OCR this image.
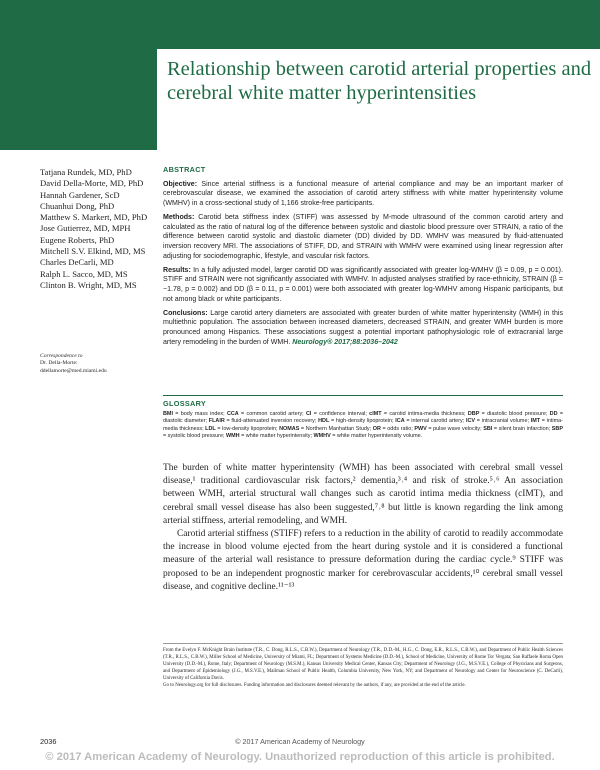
Relationship between carotid arterial properties and cerebral white matter hyperintensities
Tatjana Rundek, MD, PhD
David Della-Morte, MD, PhD
Hannah Gardener, ScD
Chuanhui Dong, PhD
Matthew S. Markert, MD, PhD
Jose Gutierrez, MD, MPH
Eugene Roberts, PhD
Mitchell S.V. Elkind, MD, MS
Charles DeCarli, MD
Ralph L. Sacco, MD, MS
Clinton B. Wright, MD, MS
Correspondence to
Dr. Della-Morte:
ddellamorte@med.miami.edu
ABSTRACT

Objective: Since arterial stiffness is a functional measure of arterial compliance and may be an important marker of cerebrovascular disease, we examined the association of carotid artery stiffness with white matter hyperintensity volume (WMHV) in a cross-sectional study of 1,166 stroke-free participants.

Methods: Carotid beta stiffness index (STIFF) was assessed by M-mode ultrasound of the common carotid artery and calculated as the ratio of natural log of the difference between systolic and diastolic blood pressure over STRAIN, a ratio of the difference between carotid systolic and diastolic diameter (DD) divided by DD. WMHV was measured by fluid-attenuated inversion recovery MRI. The associations of STIFF, DD, and STRAIN with WMHV were examined using linear regression after adjusting for sociodemographic, lifestyle, and vascular risk factors.

Results: In a fully adjusted model, larger carotid DD was significantly associated with greater log-WMHV (β = 0.09, p = 0.001). STIFF and STRAIN were not significantly associated with WMHV. In adjusted analyses stratified by race-ethnicity, STRAIN (β = −1.78, p = 0.002) and DD (β = 0.11, p = 0.001) were both associated with greater log-WMHV among Hispanic participants, but not among black or white participants.

Conclusions: Large carotid artery diameters are associated with greater burden of white matter hyperintensity (WMH) in this multiethnic population. The association between increased diameters, decreased STRAIN, and greater WMH burden is more pronounced among Hispanics. These associations suggest a potential important pathophysiologic role of extracranial large artery remodeling in the burden of WMH. Neurology® 2017;88:2036–2042

GLOSSARY

BMI = body mass index; CCA = common carotid artery; CI = confidence interval; cIMT = carotid intima-media thickness; DBP = diastolic blood pressure; DD = diastolic diameter; FLAIR = fluid-attenuated inversion recovery; HDL = high-density lipoprotein; ICA = internal carotid artery; ICV = intracranial volume; IMT = intima-media thickness; LDL = low-density lipoprotein; NOMAS = Northern Manhattan Study; OR = odds ratio; PWV = pulse wave velocity; SBI = silent brain infarction; SBP = systolic blood pressure; WMH = white matter hyperintensity; WMHV = white matter hyperintensity volume.

The burden of white matter hyperintensity (WMH) has been associated with cerebral small vessel disease,¹ traditional cardiovascular risk factors,² dementia,³˒⁴ and risk of stroke.⁵˒⁶ An association between WMH, arterial structural wall changes such as carotid intima media thickness (cIMT), and cerebral small vessel disease has also been suggested,⁷˒⁸ but little is known regarding the link among arterial stiffness, arterial remodeling, and WMH.

Carotid arterial stiffness (STIFF) refers to a reduction in the ability of carotid to readily accommodate the increase in blood volume ejected from the heart during systole and it is considered a functional measure of the arterial wall resistance to pressure deformation during the cardiac cycle.⁹ STIFF was proposed to be an independent prognostic marker for cerebrovascular accidents,¹⁰ cerebral small vessel disease, and cognitive decline.¹¹⁻¹³

From the Evelyn F. McKnight Brain Institute (T.R., C. Dong, R.L.S., C.B.W.), Department of Neurology (T.R., D.D.-M., H.G., C. Dong, E.R., R.L.S., C.B.W.), and Department of Public Health Sciences (T.R., R.L.S., C.B.W.), Miller School of Medicine, University of Miami, FL; Department of Systems Medicine (D.D.-M.), School of Medicine, University of Rome Tor Vergata; San Raffaele Roma Open University (D.D.-M.), Rome, Italy; Department of Neurology (M.S.M.), Kansas University Medical Center, Kansas City; Department of Neurology (J.G., M.S.V.E.), College of Physicians and Surgeons, and Department of Epidemiology (J.G., M.S.V.E.), Mailman School of Public Health, Columbia University, New York, NY; and Department of Neurology and Center for Neuroscience (C. DeCarli), University of California Davis.

Go to Neurology.org for full disclosures. Funding information and disclosures deemed relevant by the authors, if any, are provided at the end of the article.

2036	© 2017 American Academy of Neurology
© 2017 American Academy of Neurology. Unauthorized reproduction of this article is prohibited.
